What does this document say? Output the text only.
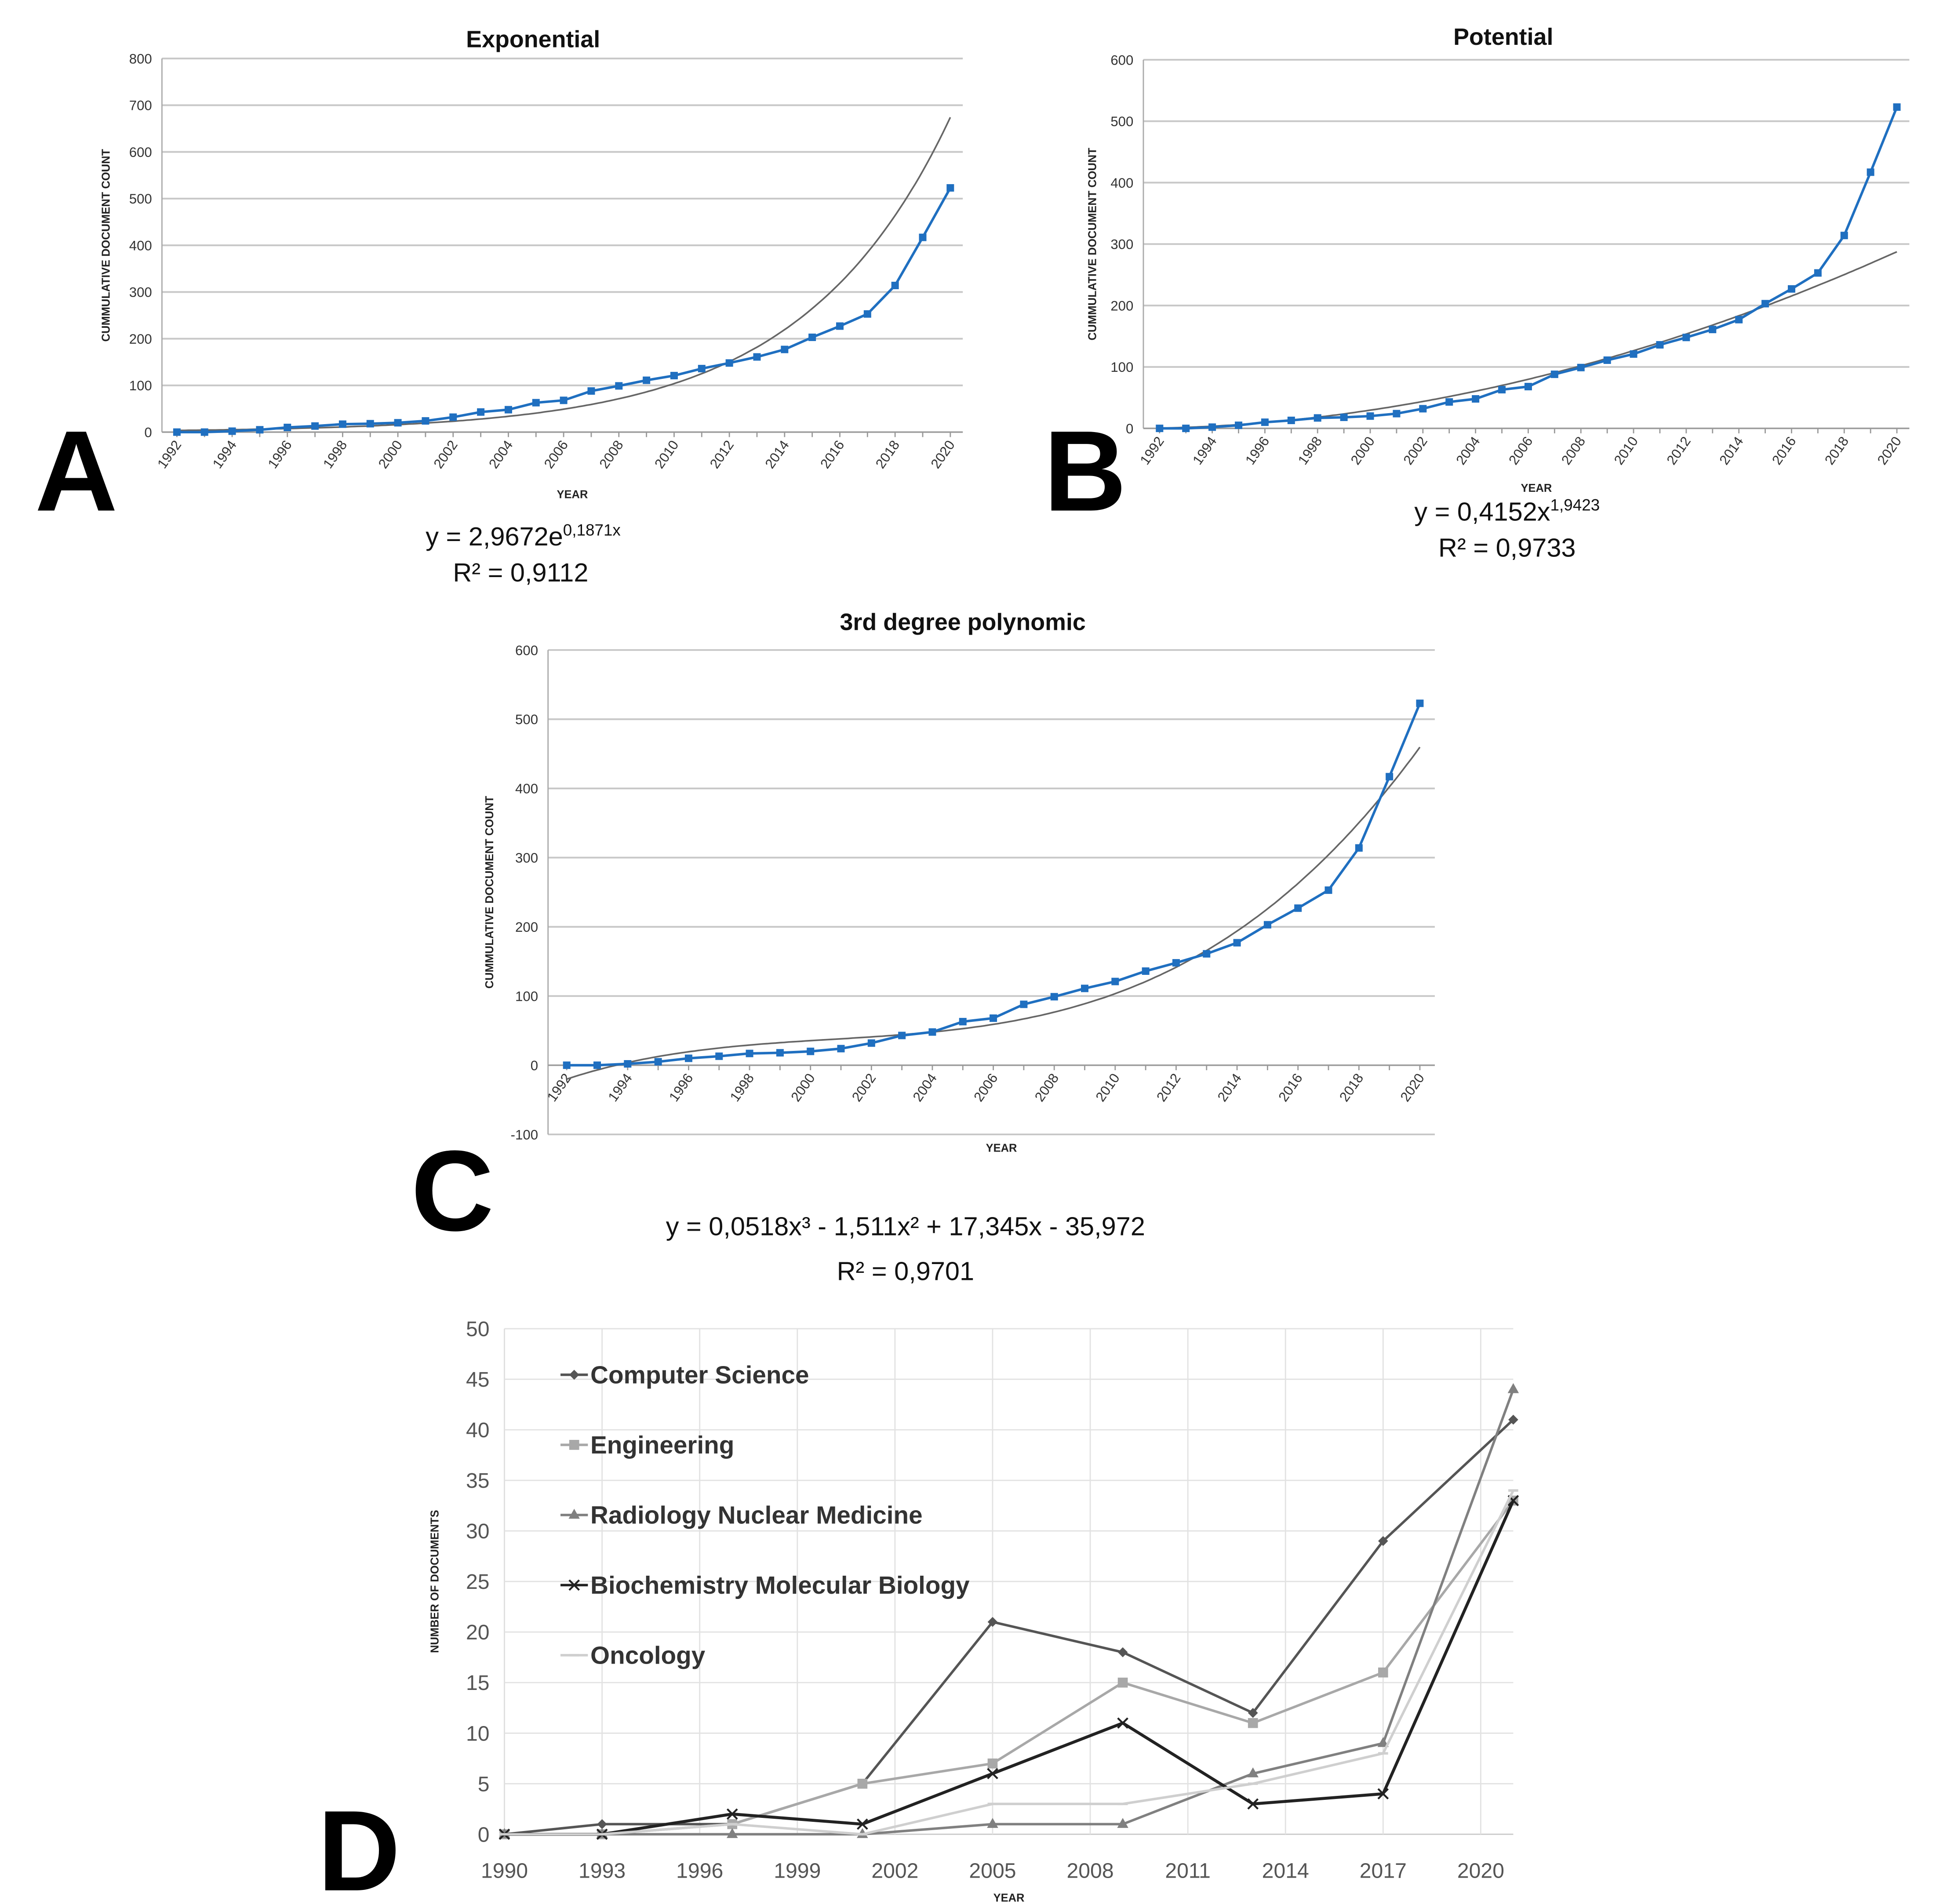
Exponential
A
$y = 2,9672e^{0,1871x}$
R² = 0,9112
0
100
200
300
400
500
600
700
800
1992	1994	1996	1998	2000	2002	2004	2006	2008	2010	2012	2014	2016	2018	2020
YEAR
CUMMULATIVE DOCUMENT COUNT
Potential
B	$y = 0,4152x^{1,9423}$
R² = 0,9733
0
100
200
300
400
500
600
1992	1994	1996	1998	2000	2002	2004	2006	2008	2010	2012	2014	2016	2018	2020
YEAR
CUMMULATIVE DOCUMENT COUNT
3rd degree polynomic
C	y = 0,0518x³ - 1,511x² + 17,345x - 35,972
R² = 0,9701
-100
0
100
200
300
400
500
600
1992	1994	1996	1998	2000	2002	2004	2006	2008	2010	2012	2014	2016	2018	2020
YEAR
CUMMULATIVE DOCUMENT COUNT
D	0
5
10
15
20
25
30
35
40
45
50
1990	1993	1996	1999	2002	2005	2008	2011	2014	2017	2020
YEAR
NUMBER OF DOCUMENTS
Computer Science
Engineering
Radiology Nuclear Medicine
Biochemistry Molecular Biology
Oncology
